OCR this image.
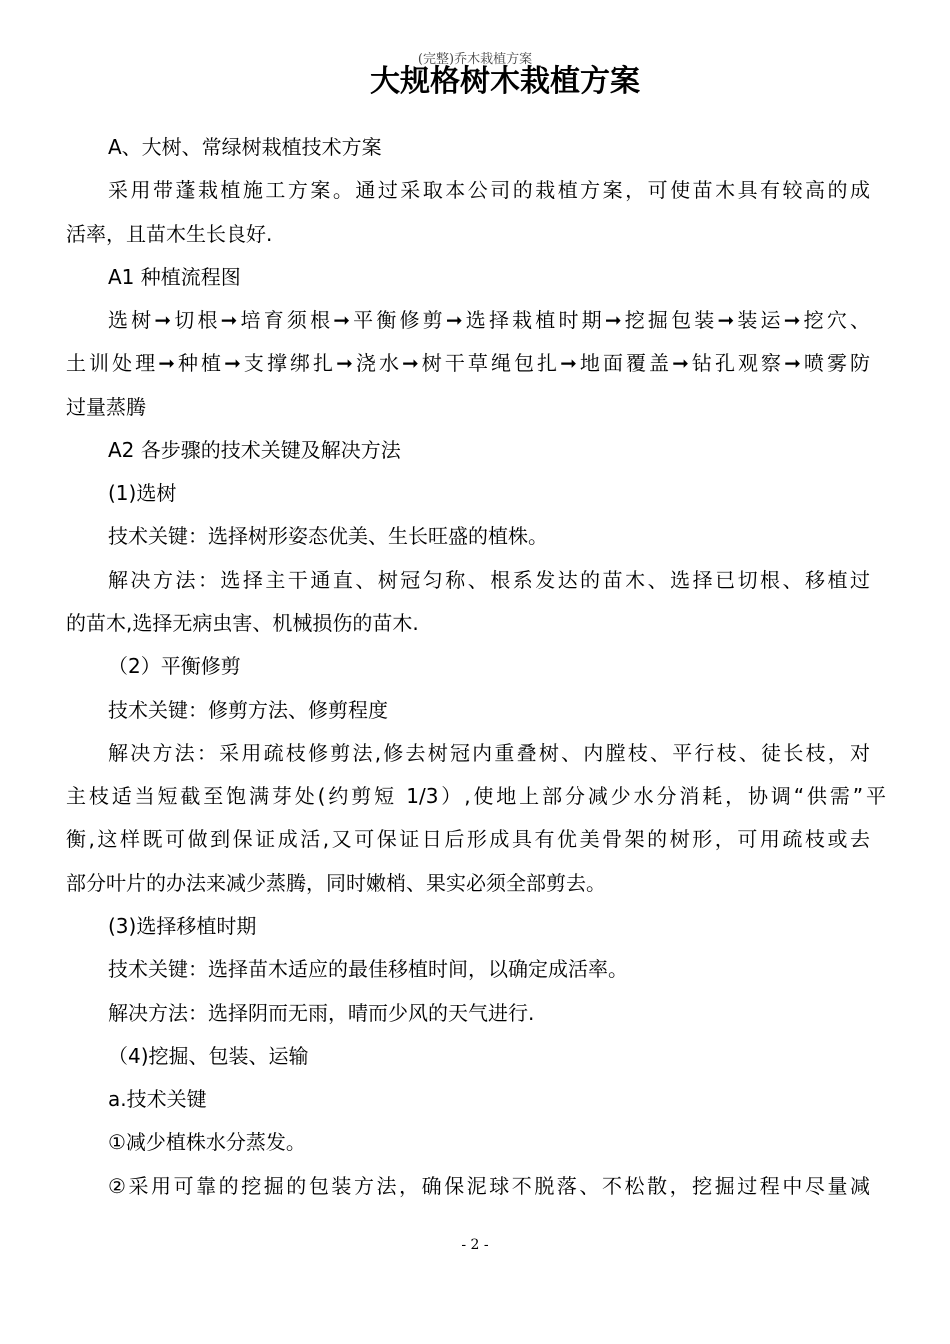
(完整)乔木栽植方案
大规格树木栽植方案
A、大树、常绿树栽植技术方案
采用带蓬栽植施工方案。通过采取本公司的栽植方案，可使苗木具有较高的成
活率，且苗木生长良好.
A1 种植流程图
选树➞切根➞培育须根➞平衡修剪➞选择栽植时期➞挖掘包装➞装运➞挖穴、
土训处理➞种植➞支撑绑扎➞浇水➞树干草绳包扎➞地面覆盖➞钻孔观察➞喷雾防
过量蒸腾
A2 各步骤的技术关键及解决方法
(1)选树
技术关键：选择树形姿态优美、生长旺盛的植株。
解决方法：选择主干通直、树冠匀称、根系发达的苗木、选择已切根、移植过
的苗木,选择无病虫害、机械损伤的苗木.
（2）平衡修剪
技术关键：修剪方法、修剪程度
解决方法：采用疏枝修剪法,修去树冠内重叠树、内膛枝、平行枝、徒长枝，对
主枝适当短截至饱满芽处(约剪短 1/3）,使地上部分减少水分消耗，协调“供需”平
衡,这样既可做到保证成活,又可保证日后形成具有优美骨架的树形，可用疏枝或去
部分叶片的办法来减少蒸腾，同时嫩梢、果实必须全部剪去。
(3)选择移植时期
技术关键：选择苗木适应的最佳移植时间，以确定成活率。
解决方法：选择阴而无雨，晴而少风的天气进行.
（4)挖掘、包装、运输
a.技术关键
①减少植株水分蒸发。
②采用可靠的挖掘的包装方法，确保泥球不脱落、不松散，挖掘过程中尽量减
- 2 -
